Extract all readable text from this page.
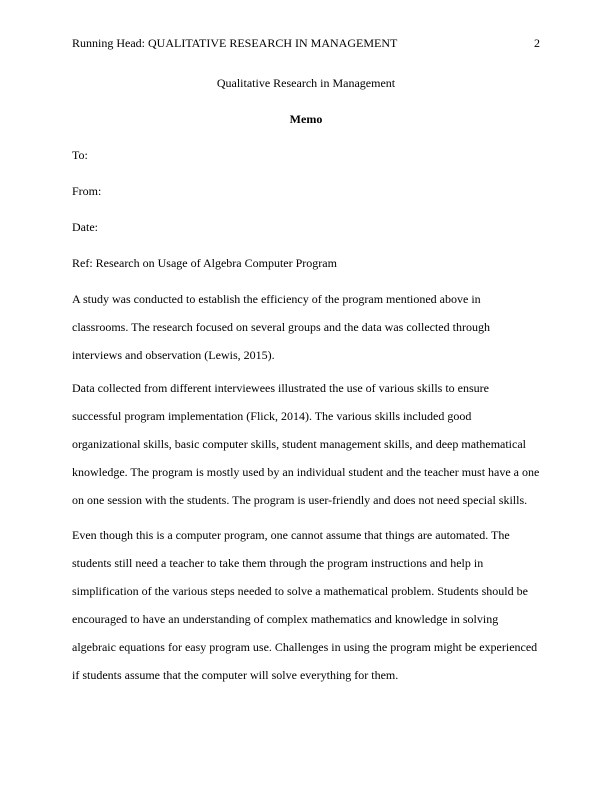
Running Head: QUALITATIVE RESEARCH IN MANAGEMENT	2
Qualitative Research in Management
Memo
To:
From:
Date:
Ref: Research on Usage of Algebra Computer Program
A study was conducted to establish the efficiency of the program mentioned above in
classrooms. The research focused on several groups and the data was collected through
interviews and observation (Lewis, 2015).
Data collected from different interviewees illustrated the use of various skills to ensure
successful program implementation (Flick, 2014). The various skills included good
organizational skills, basic computer skills, student management skills, and deep mathematical
knowledge. The program is mostly used by an individual student and the teacher must have a one
on one session with the students. The program is user-friendly and does not need special skills.
Even though this is a computer program, one cannot assume that things are automated. The
students still need a teacher to take them through the program instructions and help in
simplification of the various steps needed to solve a mathematical problem. Students should be
encouraged to have an understanding of complex mathematics and knowledge in solving
algebraic equations for easy program use. Challenges in using the program might be experienced
if students assume that the computer will solve everything for them.
